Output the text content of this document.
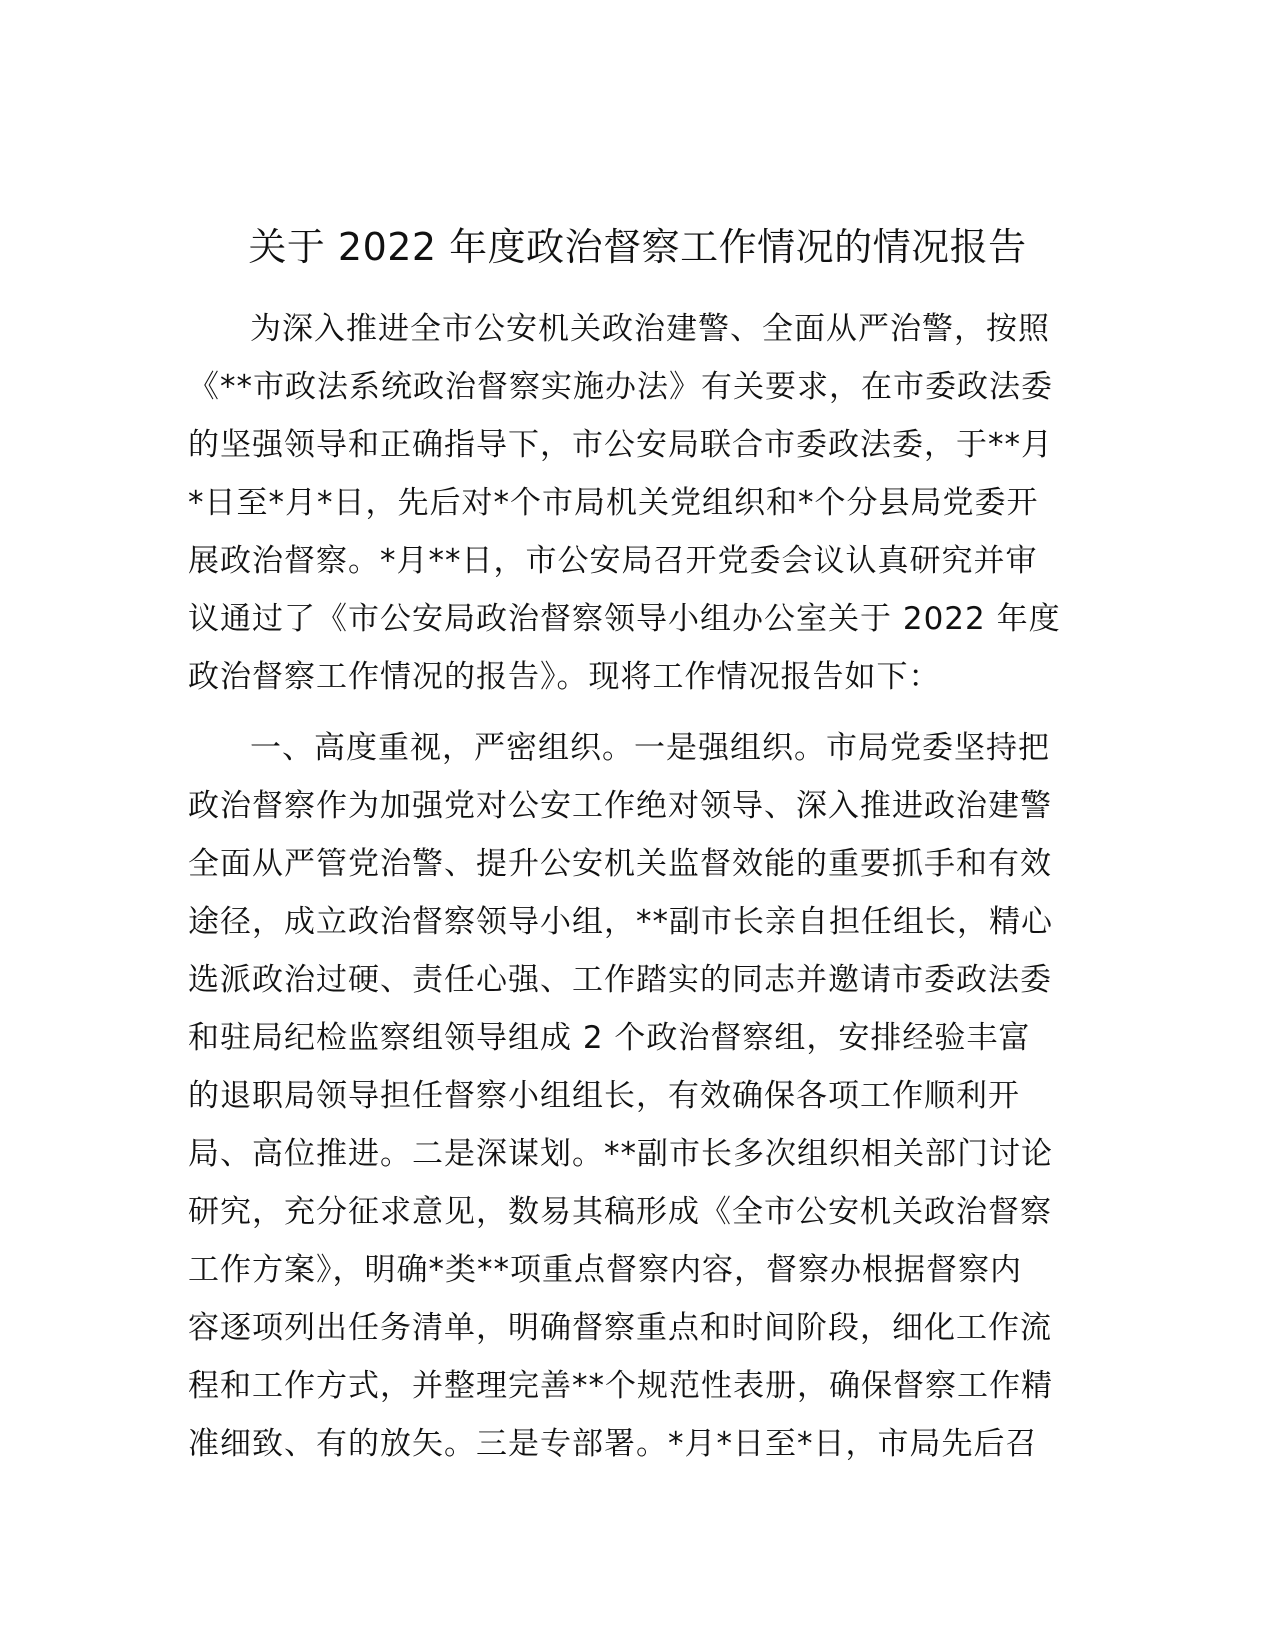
关于 2022 年度政治督察工作情况的情况报告
为深入推进全市公安机关政治建警、全面从严治警，按照
《**市政法系统政治督察实施办法》有关要求，在市委政法委
的坚强领导和正确指导下，市公安局联合市委政法委，于**月
*日至*月*日，先后对*个市局机关党组织和*个分县局党委开
展政治督察。*月**日，市公安局召开党委会议认真研究并审
议通过了《市公安局政治督察领导小组办公室关于 2022 年度
政治督察工作情况的报告》。现将工作情况报告如下：
一、高度重视，严密组织。一是强组织。市局党委坚持把
政治督察作为加强党对公安工作绝对领导、深入推进政治建警
全面从严管党治警、提升公安机关监督效能的重要抓手和有效
途径，成立政治督察领导小组，**副市长亲自担任组长，精心
选派政治过硬、责任心强、工作踏实的同志并邀请市委政法委
和驻局纪检监察组领导组成 2 个政治督察组，安排经验丰富
的退职局领导担任督察小组组长，有效确保各项工作顺利开
局、高位推进。二是深谋划。**副市长多次组织相关部门讨论
研究，充分征求意见，数易其稿形成《全市公安机关政治督察
工作方案》，明确*类**项重点督察内容，督察办根据督察内
容逐项列出任务清单，明确督察重点和时间阶段，细化工作流
程和工作方式，并整理完善**个规范性表册，确保督察工作精
准细致、有的放矢。三是专部署。*月*日至*日，市局先后召
